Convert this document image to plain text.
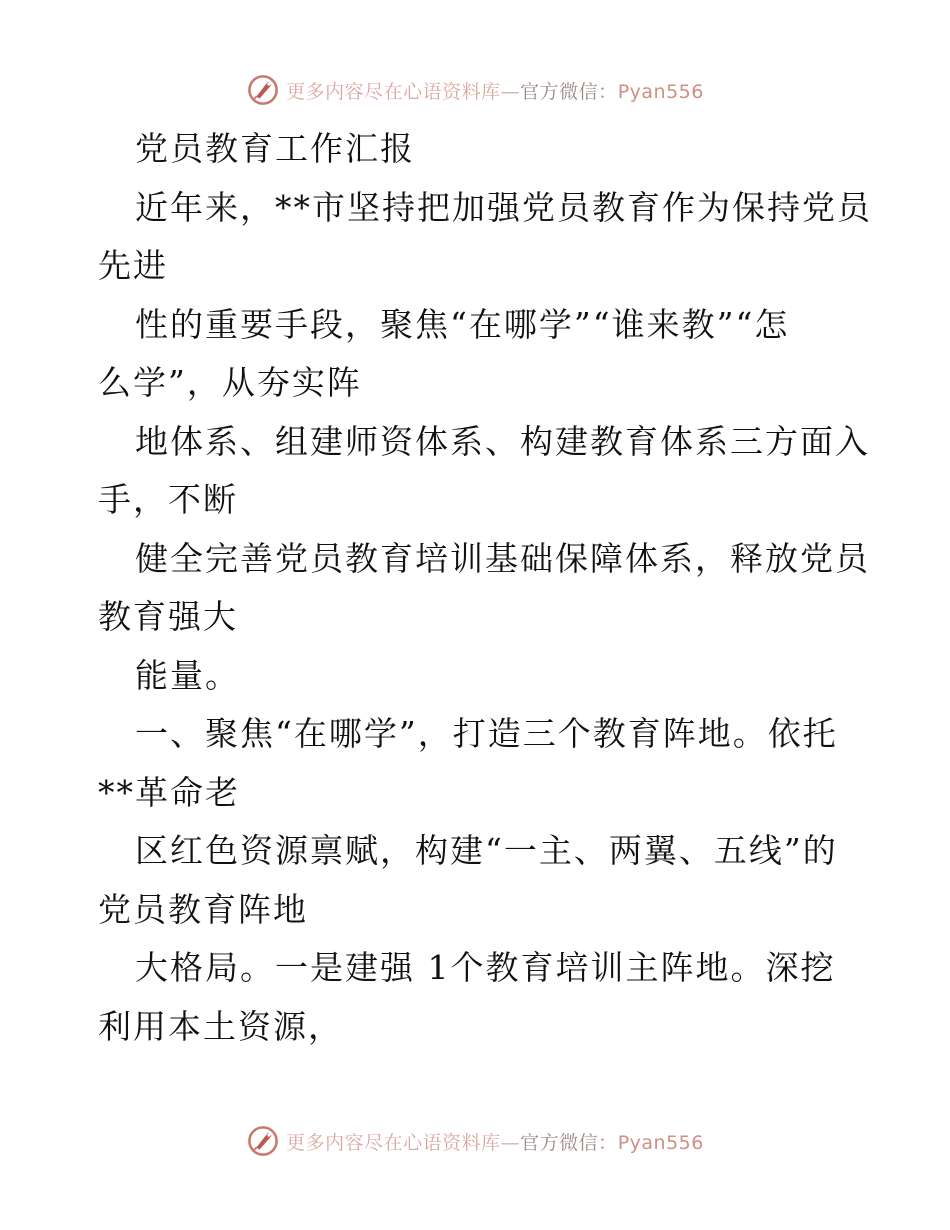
更多内容尽在心语资料库—官方微信：Pyan556
党员教育工作汇报
近年来，**市坚持把加强党员教育作为保持党员
先进
性的重要手段，聚焦“在哪学”“谁来教”“怎
么学”，从夯实阵
地体系、组建师资体系、构建教育体系三方面入
手，不断
健全完善党员教育培训基础保障体系，释放党员
教育强大
能量。
一、聚焦“在哪学”，打造三个教育阵地。依托
**革命老
区红色资源禀赋，构建“一主、两翼、五线”的
党员教育阵地
大格局。一是建强 1个教育培训主阵地。深挖
利用本土资源，
更多内容尽在心语资料库—官方微信：Pyan556
